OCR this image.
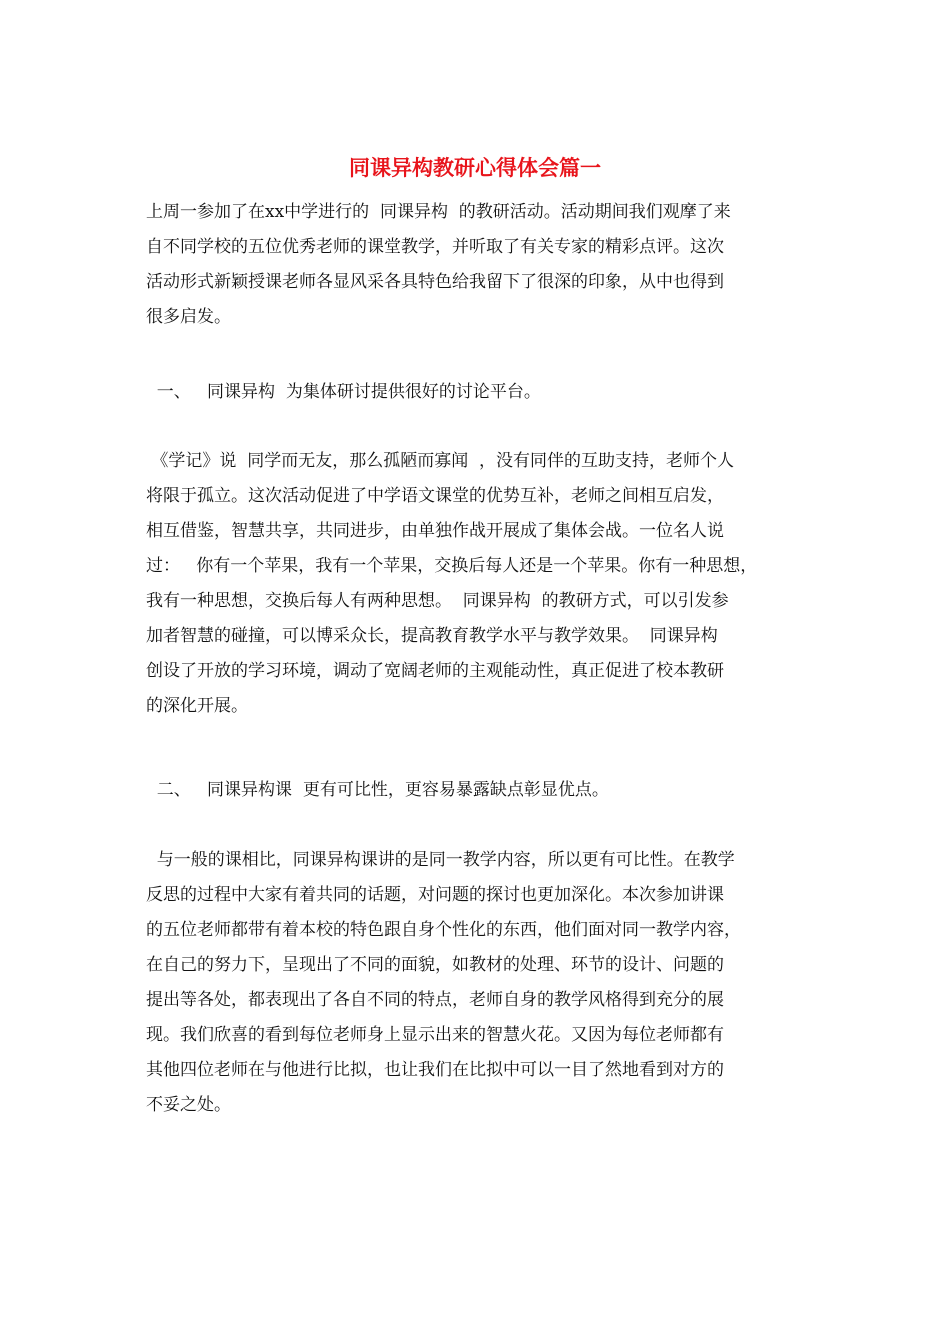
同课异构教研心得体会篇一
上周一参加了在xx中学进行的  同课异构  的教研活动。活动期间我们观摩了来
自不同学校的五位优秀老师的课堂教学，并听取了有关专家的精彩点评。这次
活动形式新颖授课老师各显风采各具特色给我留下了很深的印象，从中也得到
很多启发。
一、   同课异构  为集体研讨提供很好的讨论平台。
《学记》说  同学而无友，那么孤陋而寡闻  ，没有同伴的互助支持，老师个人
将限于孤立。这次活动促进了中学语文课堂的优势互补，老师之间相互启发，
相互借鉴，智慧共享，共同进步，由单独作战开展成了集体会战。一位名人说
过：   你有一个苹果，我有一个苹果，交换后每人还是一个苹果。你有一种思想，
我有一种思想，交换后每人有两种思想。  同课异构  的教研方式，可以引发参
加者智慧的碰撞，可以博采众长，提高教育教学水平与教学效果。  同课异构
创设了开放的学习环境，调动了宽阔老师的主观能动性，真正促进了校本教研
的深化开展。
二、   同课异构课  更有可比性，更容易暴露缺点彰显优点。
与一般的课相比，同课异构课讲的是同一教学内容，所以更有可比性。在教学
反思的过程中大家有着共同的话题，对问题的探讨也更加深化。本次参加讲课
的五位老师都带有着本校的特色跟自身个性化的东西，他们面对同一教学内容，
在自己的努力下，呈现出了不同的面貌，如教材的处理、环节的设计、问题的
提出等各处，都表现出了各自不同的特点，老师自身的教学风格得到充分的展
现。我们欣喜的看到每位老师身上显示出来的智慧火花。又因为每位老师都有
其他四位老师在与他进行比拟，也让我们在比拟中可以一目了然地看到对方的
不妥之处。
